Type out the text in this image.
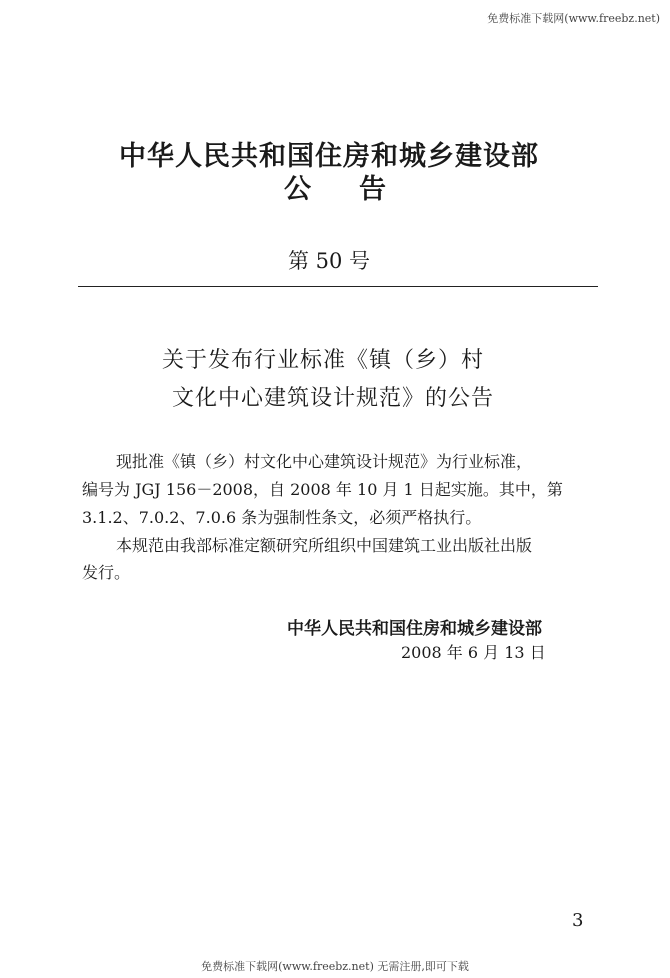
免费标准下载网(www.freebz.net)
中华人民共和国住房和城乡建设部
公告
第 50 号
关于发布行业标准《镇（乡）村
文化中心建筑设计规范》的公告
现批准《镇（乡）村文化中心建筑设计规范》为行业标准，
编号为 JGJ 156－2008，自 2008 年 10 月 1 日起实施。其中，第
3.1.2、7.0.2、7.0.6 条为强制性条文，必须严格执行。
本规范由我部标准定额研究所组织中国建筑工业出版社出版
发行。
中华人民共和国住房和城乡建设部
2008 年 6 月 13 日
3
免费标准下载网(www.freebz.net) 无需注册,即可下载
